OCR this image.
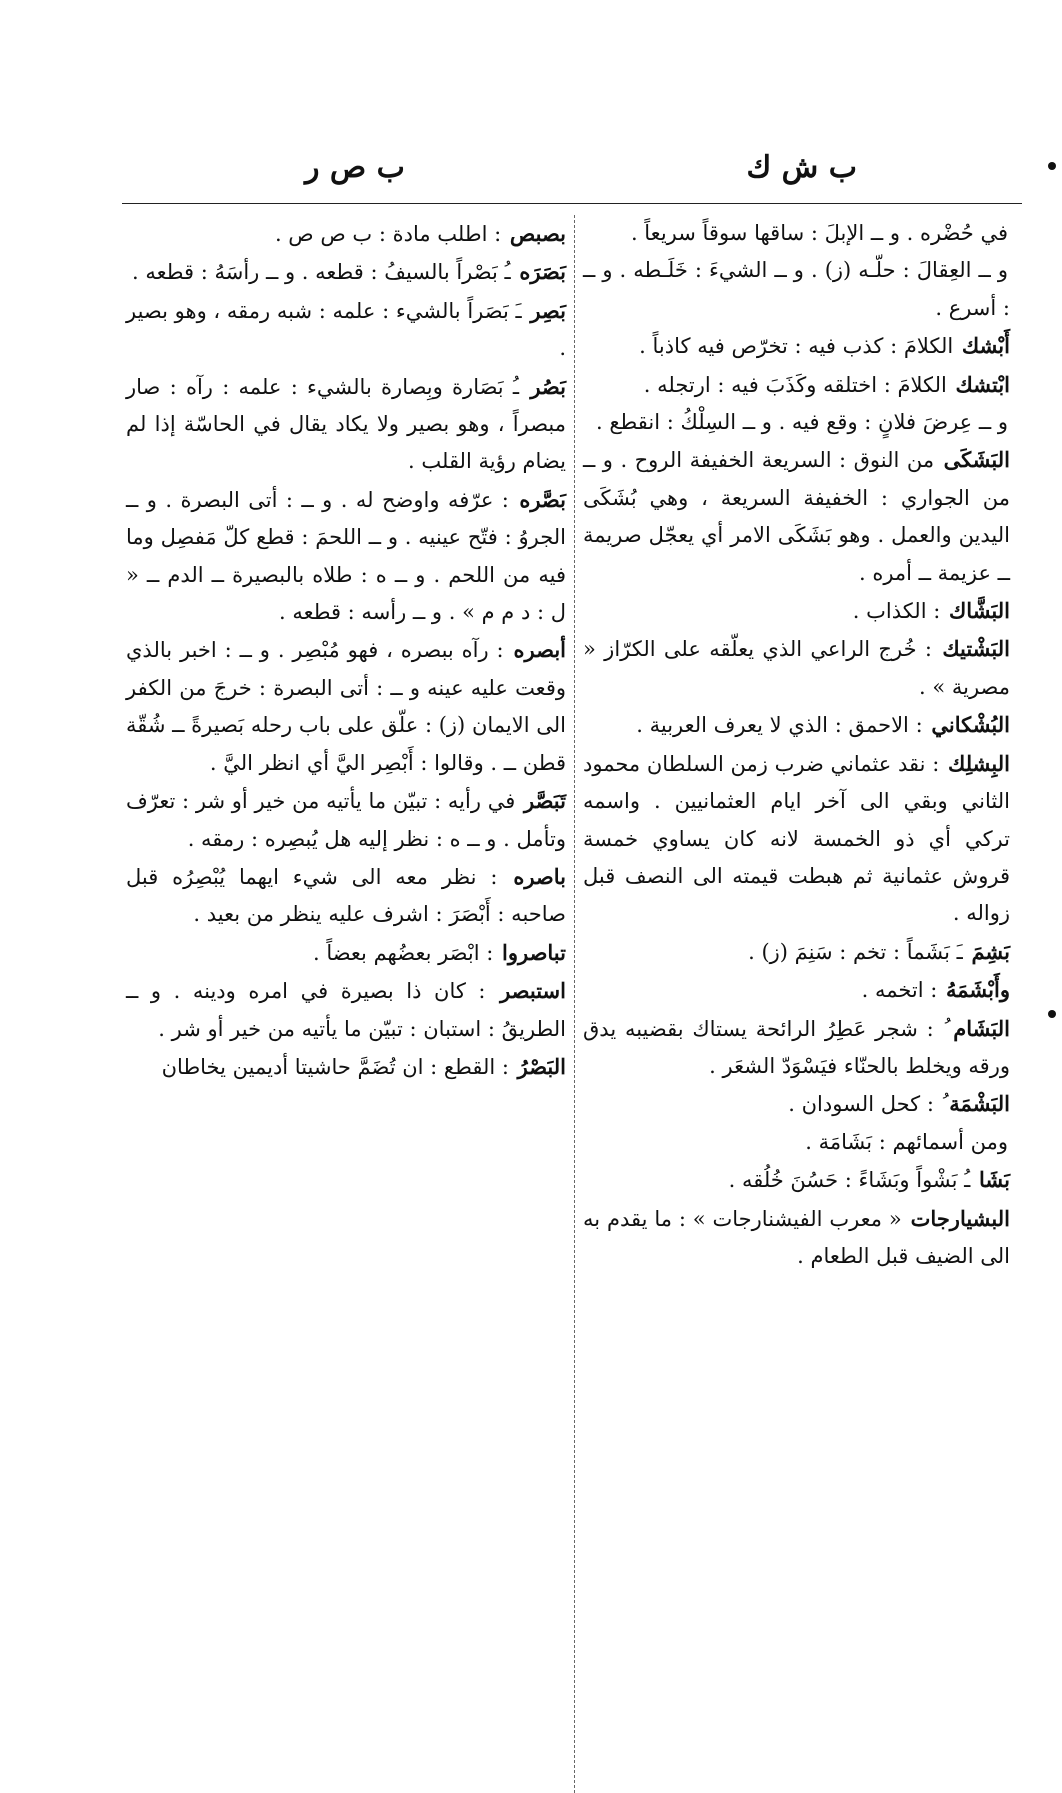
ب ش ك
ب ص ر

في حُضْره . و ــ الإبلَ : ساقها سوقاً سريعاً .

و ــ العِقالَ : حلّـه (ز) . و ــ الشيءَ : خَلَـطه . و ــ : أسرع .

أَبْشك الكلامَ : كذب فيه : تخرّص فيه كاذباً .

ابْتشك الكلامَ : اختلقه وكَذَبَ فيه : ارتجله .

و ــ عِرضَ فلانٍ : وقع فيه . و ــ السِلْكُ : انقطع .

البَشَكَى من النوق : السريعة الخفيفة الروح . و ــ من الجواري : الخفيفة السريعة ، وهي بُشَكَى اليدين والعمل . وهو بَشَكَى الامر أي يعجّل صريمة ــ عزيمة ــ أمره .

البَشَّاك : الكذاب .

البَشْتيك : خُرج الراعي الذي يعلّقه على الكرّاز « مصرية » .

البُشْكاني : الاحمق : الذي لا يعرف العربية .

البِشلِك : نقد عثماني ضرب زمن السلطان محمود الثاني وبقي الى آخر ايام العثمانيين . واسمه تركي أي ذو الخمسة لانه كان يساوي خمسة قروش عثمانية ثم هبطت قيمته الى النصف قبل زواله .

بَشِمَ ـَ بَشَماً : تخم : سَنِمَ (ز) .

وأَبْشَمَهُ : اتخمه .

البَشَام ُ : شجر عَطِرُ الرائحة يستاك بقضيبه يدق ورقه ويخلط بالحنّاء فيَسْوَدّ الشعَر .

البَشْمَة ُ : كحل السودان .

ومن أسمائهم : بَشَامَة .

بَشَا ـُ بَشْواً وبَشَاءً : حَسُنَ خُلُقه .

البشيارجات « معرب الفيشنارجات » : ما يقدم به الى الضيف قبل الطعام .

بصبص : اطلب مادة : ب ص ص .

بَصَرَه ـُ بَصْراً بالسيفُ : قطعه . و ــ رأسَهُ : قطعه .

بَصِر ـَ بَصَراً بالشيء : علمه : شبه رمقه ، وهو بصير .

بَصُر ـُ بَصَارة وبِصارة بالشيء : علمه : رآه : صار مبصراً ، وهو بصير ولا يكاد يقال في الحاسّة إذا لم يضام رؤية القلب .

بَصَّره : عرّفه واوضح له . و ــ : أتى البصرة . و ــ الجروُ : فتّح عينيه . و ــ اللحمَ : قطع كلّ مَفصِل وما فيه من اللحم . و ــ ه : طلاه بالبصيرة ــ الدم ــ « ل : د م م » . و ــ رأسه : قطعه .

أبصره : رآه ببصره ، فهو مُبْصِر . و ــ : اخبر بالذي وقعت عليه عينه و ــ : أتى البصرة : خرجَ من الكفر الى الايمان (ز) : علّق على باب رحله بَصيرةً ــ شُقّة قطن ــ . وقالوا : أَبْصِر اليَّ أي انظر اليَّ .

تَبَصَّر في رأيه : تبيّن ما يأتيه من خير أو شر : تعرّف وتأمل . و ــ ه : نظر إليه هل يُبصِره : رمقه .

باصره : نظر معه الى شيء ايهما يُبْصِرُه قبل صاحبه : أَبْصَرَ : اشرف عليه ينظر من بعيد .

تباصروا : ابْصَر بعضُهم بعضاً .

استبصر : كان ذا بصيرة في امره ودينه . و ــ الطريقُ : استبان : تبيّن ما يأتيه من خير أو شر .

البَصْرُ : القطع : ان تُضَمَّ حاشيتا أديمين يخاطان
